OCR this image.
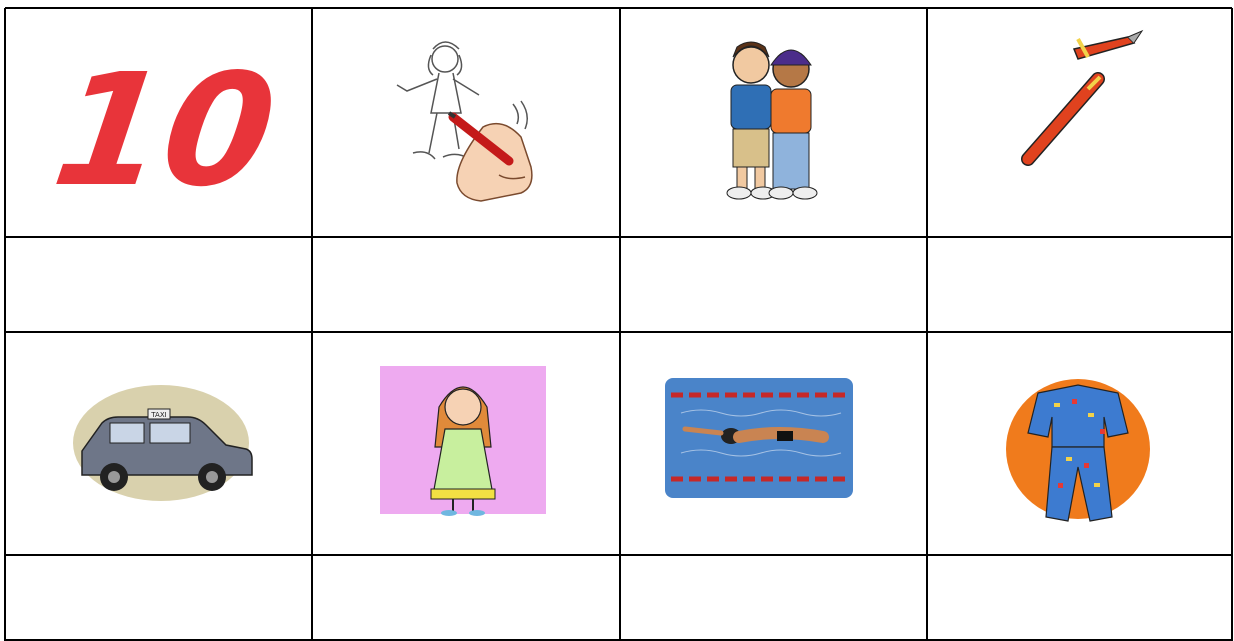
10
TAXI
